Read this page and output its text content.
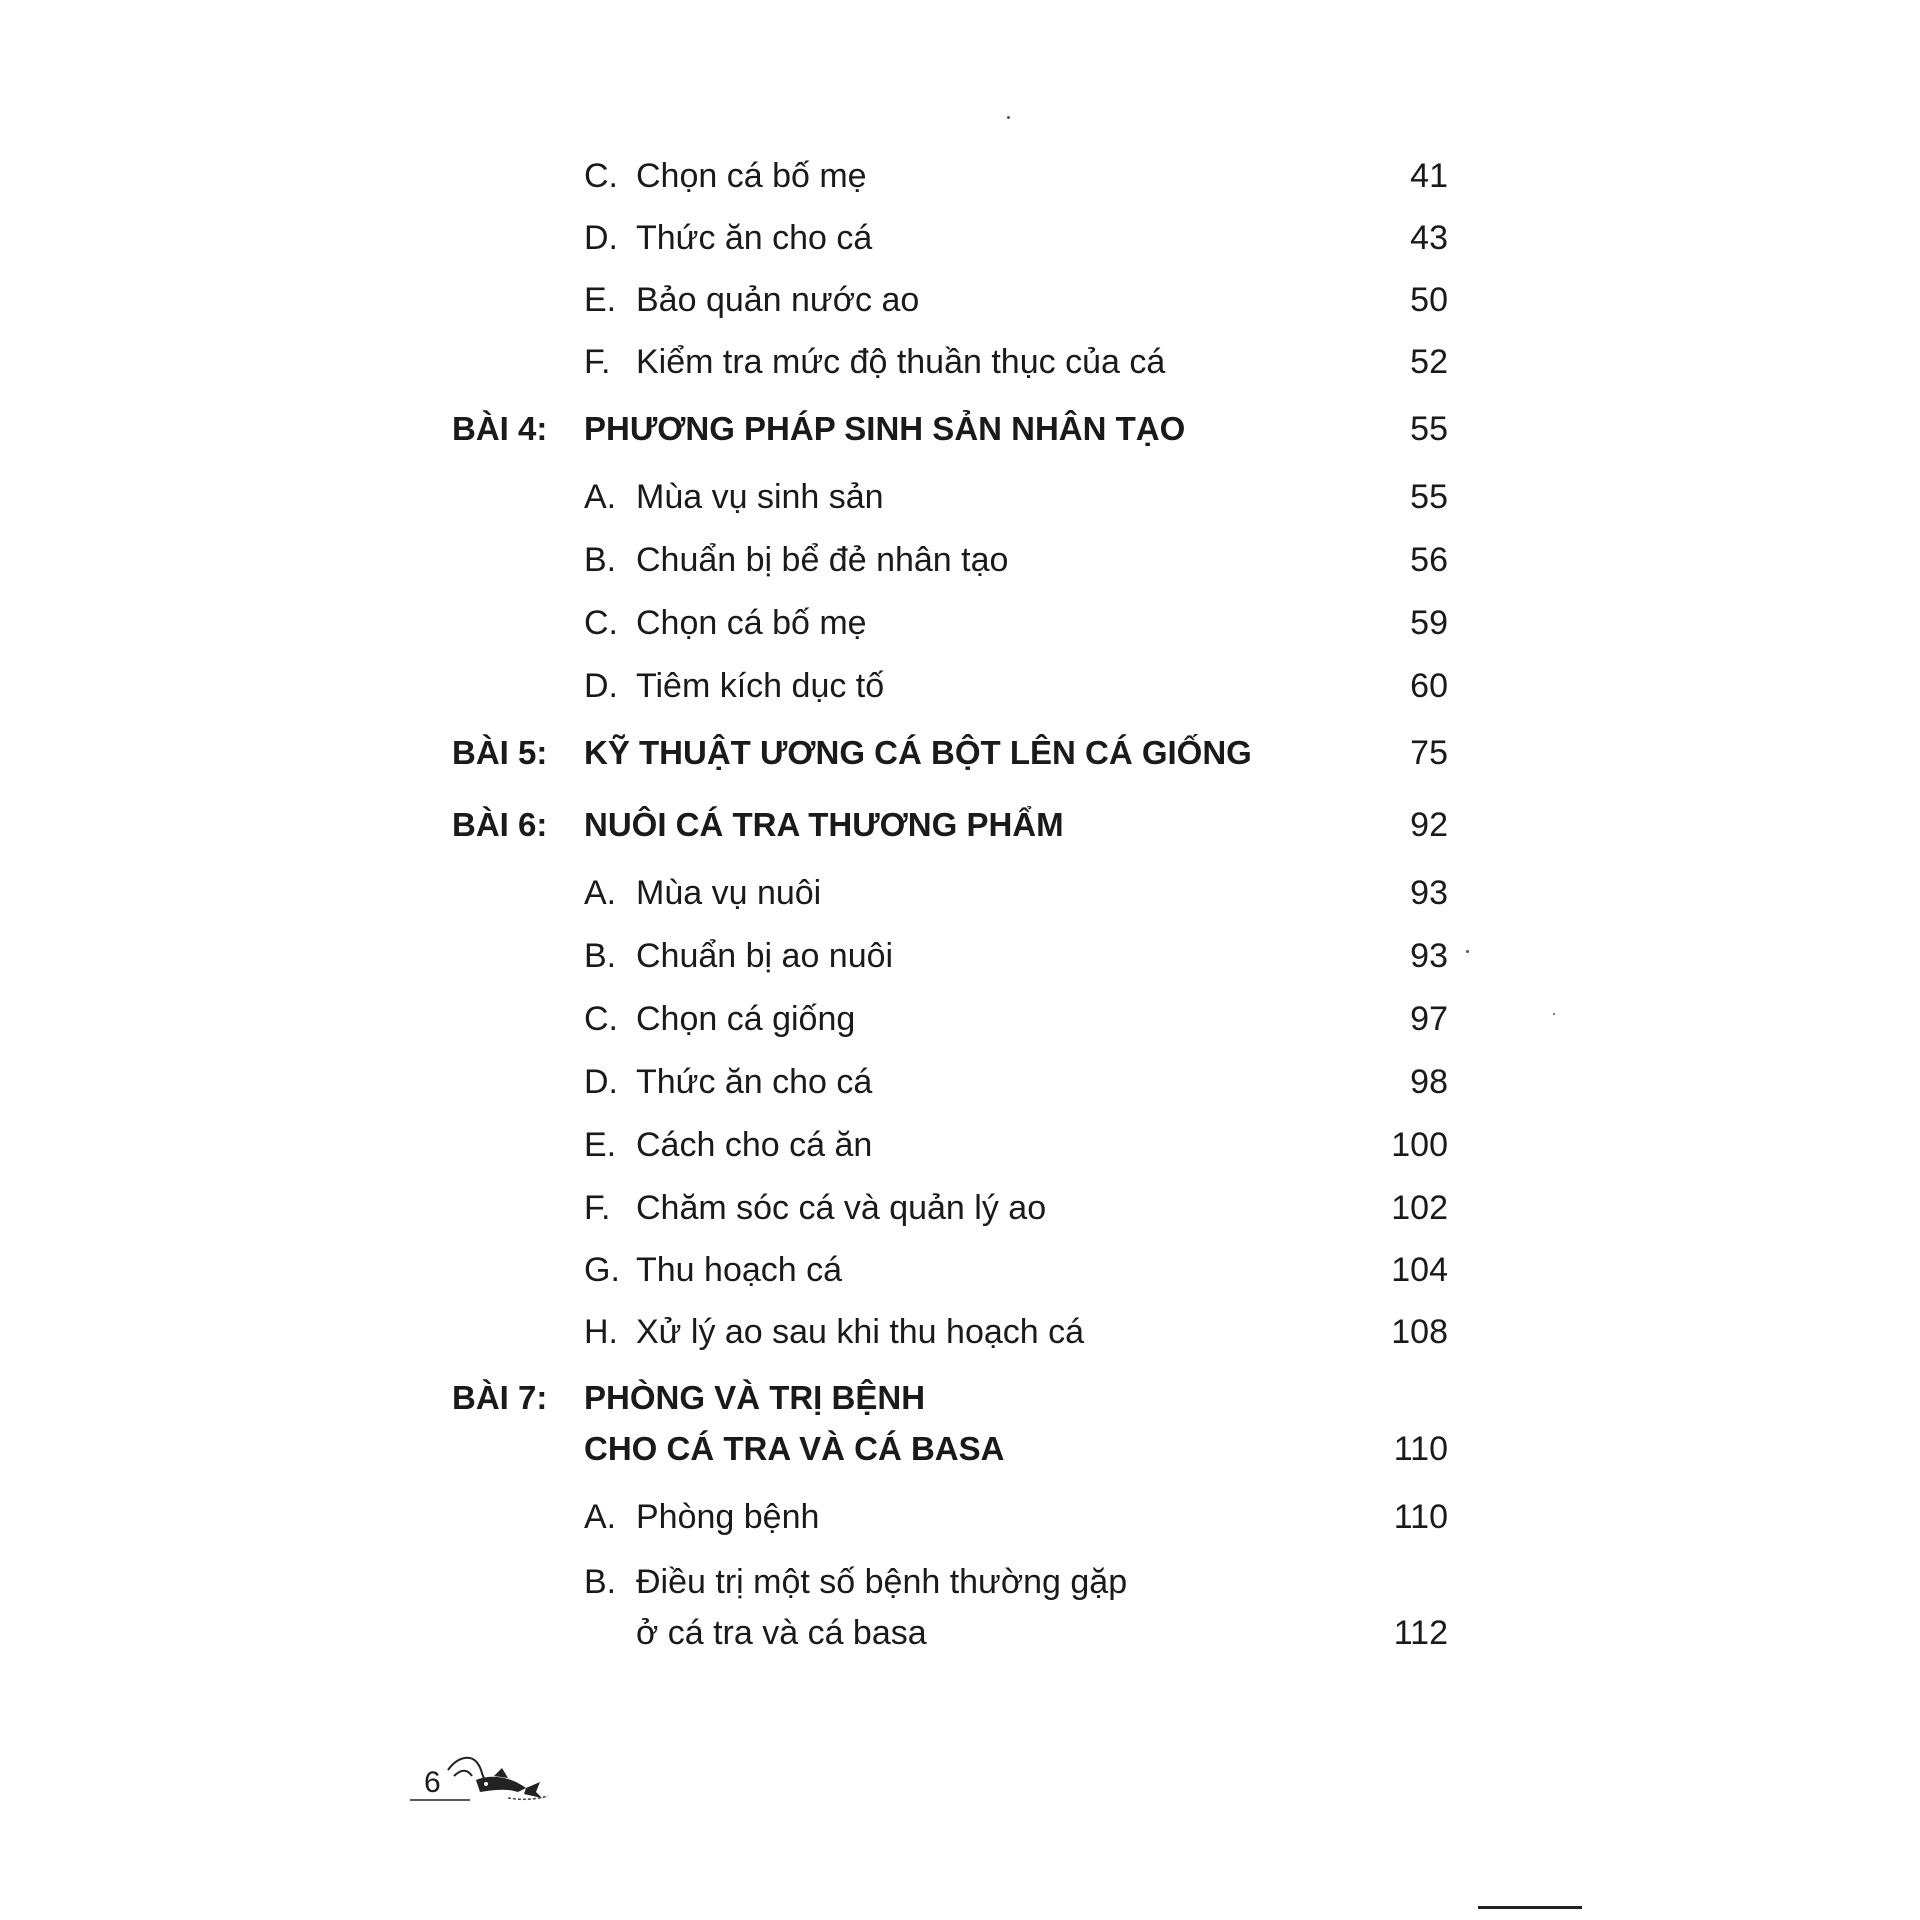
C. Chọn cá bố mẹ	41
D. Thức ăn cho cá	43
E. Bảo quản nước ao	50
F. Kiểm tra mức độ thuần thục của cá	52
BÀI 4: PHƯƠNG PHÁP SINH SẢN NHÂN TẠO	55
A. Mùa vụ sinh sản	55
B. Chuẩn bị bể đẻ nhân tạo	56
C. Chọn cá bố mẹ	59
D. Tiêm kích dục tố	60
BÀI 5: KỸ THUẬT ƯƠNG CÁ BỘT LÊN CÁ GIỐNG	75
BÀI 6: NUÔI CÁ TRA THƯƠNG PHẨM	92
A. Mùa vụ nuôi	93
B. Chuẩn bị ao nuôi	93
C. Chọn cá giống	97
D. Thức ăn cho cá	98
E. Cách cho cá ăn	100
F. Chăm sóc cá và quản lý ao	102
G. Thu hoạch cá	104
H. Xử lý ao sau khi thu hoạch cá	108
BÀI 7: PHÒNG VÀ TRỊ BỆNH
CHO CÁ TRA VÀ CÁ BASA	110
A. Phòng bệnh	110
B. Điều trị một số bệnh thường gặp
ở cá tra và cá basa	112
6
